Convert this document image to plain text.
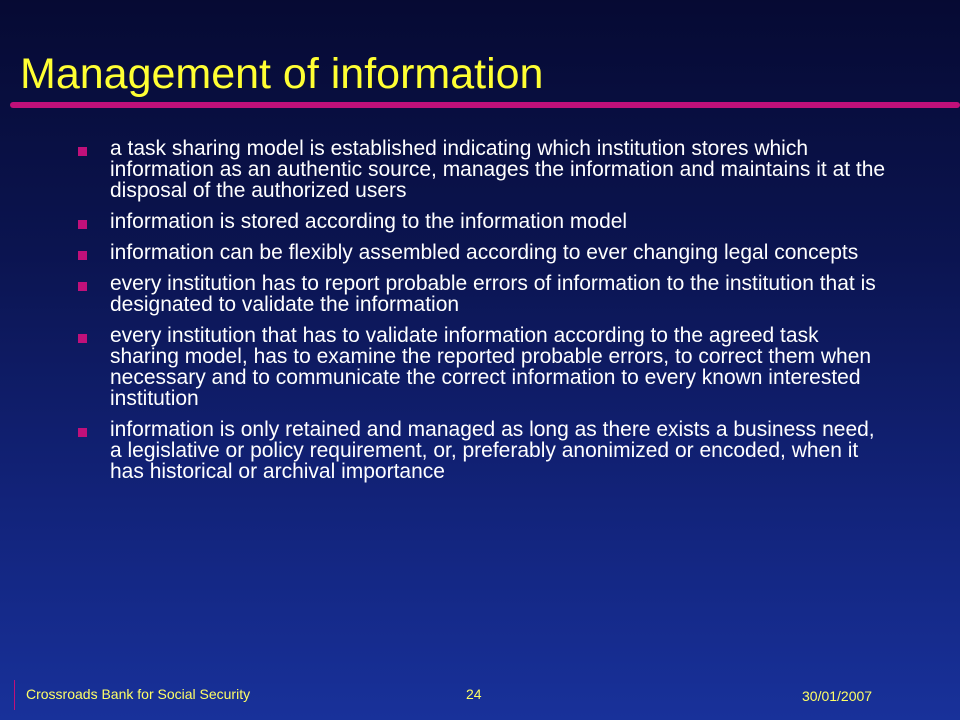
Management of information
a task sharing model is established indicating which institution stores which information as an authentic source, manages the information and maintains it at the disposal of the authorized users
information is stored according to the information model
information can be flexibly assembled according to ever changing legal concepts
every institution has to report probable errors of information to the institution that is designated to validate the information
every institution that has to validate information according to the agreed task sharing model, has to examine the reported probable errors, to correct them when necessary and to communicate the correct information to every known interested institution
information is only retained and managed as long as there exists a business need, a legislative or policy requirement, or, preferably anonimized or encoded, when it has historical or archival importance
Crossroads Bank for Social Security	24	30/01/2007
